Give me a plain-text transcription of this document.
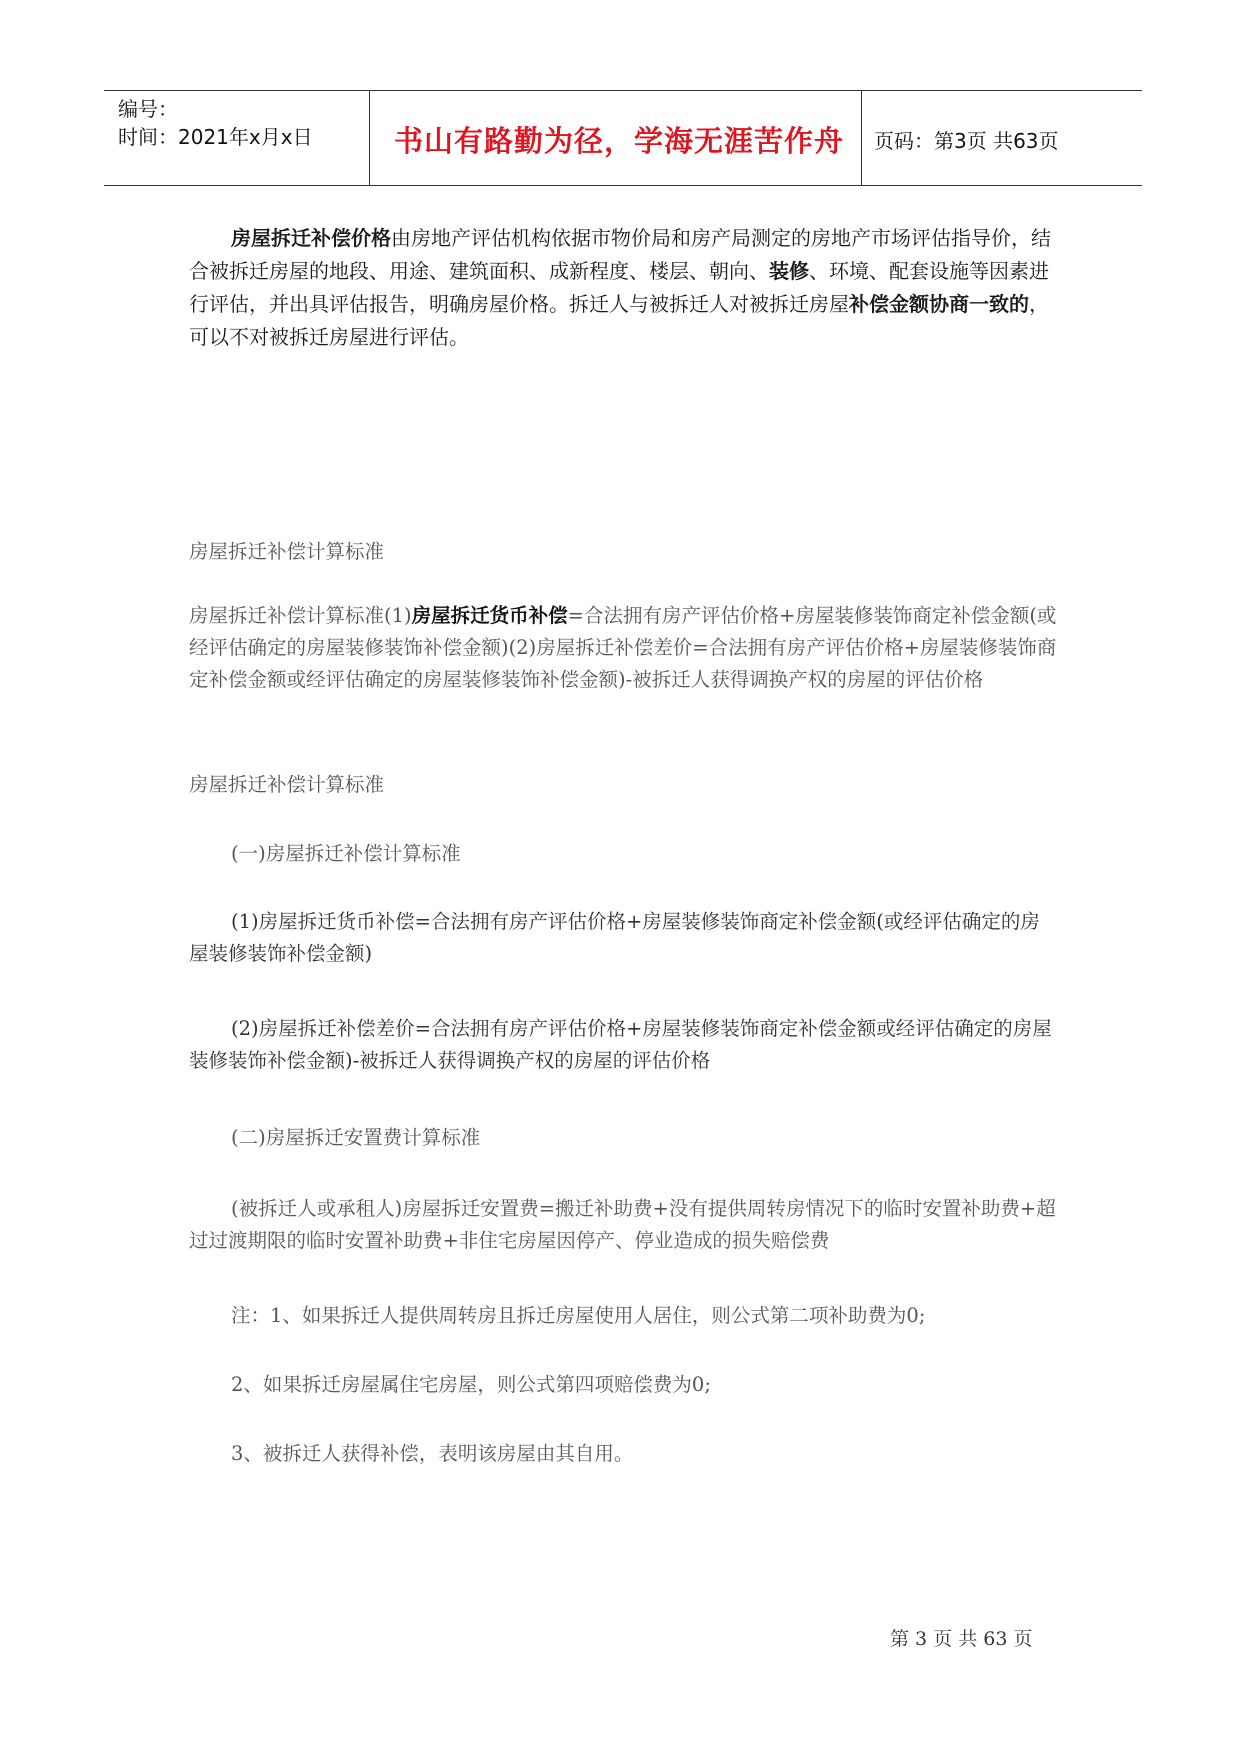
编号：
时间：2021年x月x日	书山有路勤为径，学海无涯苦作舟	页码：第3页 共63页
房屋拆迁补偿价格由房地产评估机构依据市物价局和房产局测定的房地产市场评估指导价，结合被拆迁房屋的地段、用途、建筑面积、成新程度、楼层、朝向、装修、环境、配套设施等因素进行评估，并出具评估报告，明确房屋价格。拆迁人与被拆迁人对被拆迁房屋补偿金额协商一致的，可以不对被拆迁房屋进行评估。
房屋拆迁补偿计算标准
房屋拆迁补偿计算标准(1)房屋拆迁货币补偿=合法拥有房产评估价格+房屋装修装饰商定补偿金额(或经评估确定的房屋装修装饰补偿金额)(2)房屋拆迁补偿差价=合法拥有房产评估价格+房屋装修装饰商定补偿金额或经评估确定的房屋装修装饰补偿金额)-被拆迁人获得调换产权的房屋的评估价格
房屋拆迁补偿计算标准
(一)房屋拆迁补偿计算标准
(1)房屋拆迁货币补偿=合法拥有房产评估价格+房屋装修装饰商定补偿金额(或经评估确定的房屋装修装饰补偿金额)
(2)房屋拆迁补偿差价=合法拥有房产评估价格+房屋装修装饰商定补偿金额或经评估确定的房屋装修装饰补偿金额)-被拆迁人获得调换产权的房屋的评估价格
(二)房屋拆迁安置费计算标准
(被拆迁人或承租人)房屋拆迁安置费=搬迁补助费+没有提供周转房情况下的临时安置补助费+超过过渡期限的临时安置补助费+非住宅房屋因停产、停业造成的损失赔偿费
注：1、如果拆迁人提供周转房且拆迁房屋使用人居住，则公式第二项补助费为0;
2、如果拆迁房屋属住宅房屋，则公式第四项赔偿费为0;
3、被拆迁人获得补偿，表明该房屋由其自用。
第 3 页 共 63 页
